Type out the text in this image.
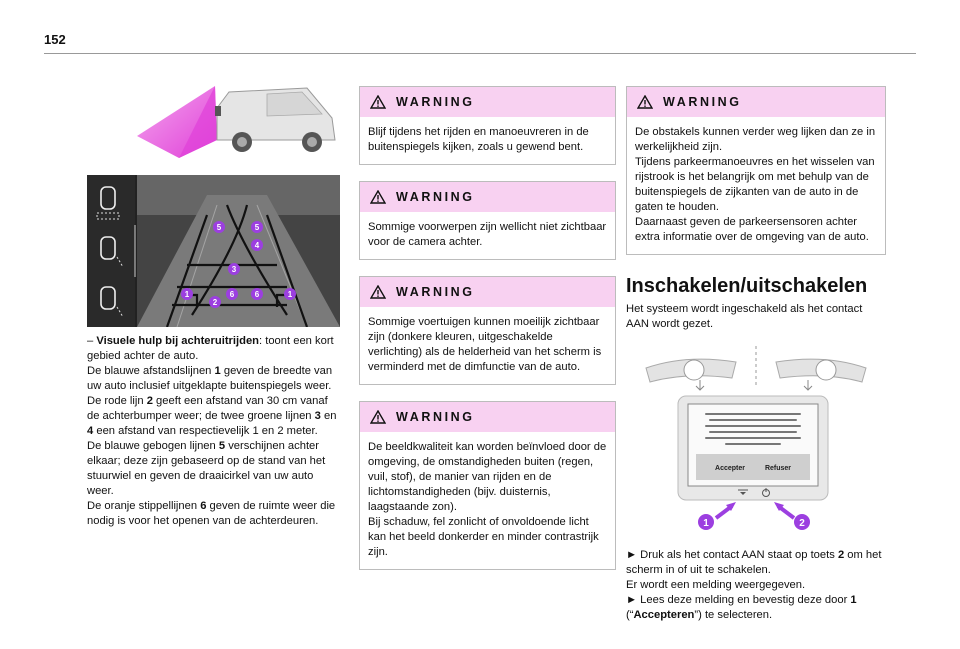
152
5	5
4
3
1	6	6	1
2

– Visuele hulp bij achteruitrijden: toont een kort gebied achter de auto.

De blauwe afstandslijnen 1 geven de breedte van uw auto inclusief uitgeklapte buitenspiegels weer.

De rode lijn 2 geeft een afstand van 30 cm vanaf de achterbumper weer; de twee groene lijnen 3 en 4 een afstand van respectievelijk 1 en 2 meter.

De blauwe gebogen lijnen 5 verschijnen achter elkaar; deze zijn gebaseerd op de stand van het stuurwiel en geven de draaicirkel van uw auto weer.

De oranje stippellijnen 6 geven de ruimte weer die nodig is voor het openen van de achterdeuren.

WARNING

Blijf tijdens het rijden en manoeuvreren in de buitenspiegels kijken, zoals u gewend bent.

WARNING

Sommige voorwerpen zijn wellicht niet zichtbaar voor de camera achter.

WARNING

Sommige voertuigen kunnen moeilijk zichtbaar zijn (donkere kleuren, uitgeschakelde verlichting) als de helderheid van het scherm is verminderd met de dimfunctie van de auto.

WARNING

De beeldkwaliteit kan worden beïnvloed door de omgeving, de omstandigheden buiten (regen, vuil, stof), de manier van rijden en de lichtomstandigheden (bijv. duisternis, laagstaande zon).

Bij schaduw, fel zonlicht of onvoldoende licht kan het beeld donkerder en minder contrastrijk zijn.

WARNING

De obstakels kunnen verder weg lijken dan ze in werkelijkheid zijn.

Tijdens parkeermanoeuvres en het wisselen van rijstrook is het belangrijk om met behulp van de buitenspiegels de zijkanten van de auto in de gaten te houden.

Daarnaast geven de parkeersensoren achter extra informatie over de omgeving van de auto.

Inschakelen/uitschakelen

Het systeem wordt ingeschakeld als het contact AAN wordt gezet.

Accepter	Refuser
1	2

► Druk als het contact AAN staat op toets 2 om het scherm in of uit te schakelen.

Er wordt een melding weergegeven.

► Lees deze melding en bevestig deze door 1

(“Accepteren”) te selecteren.
